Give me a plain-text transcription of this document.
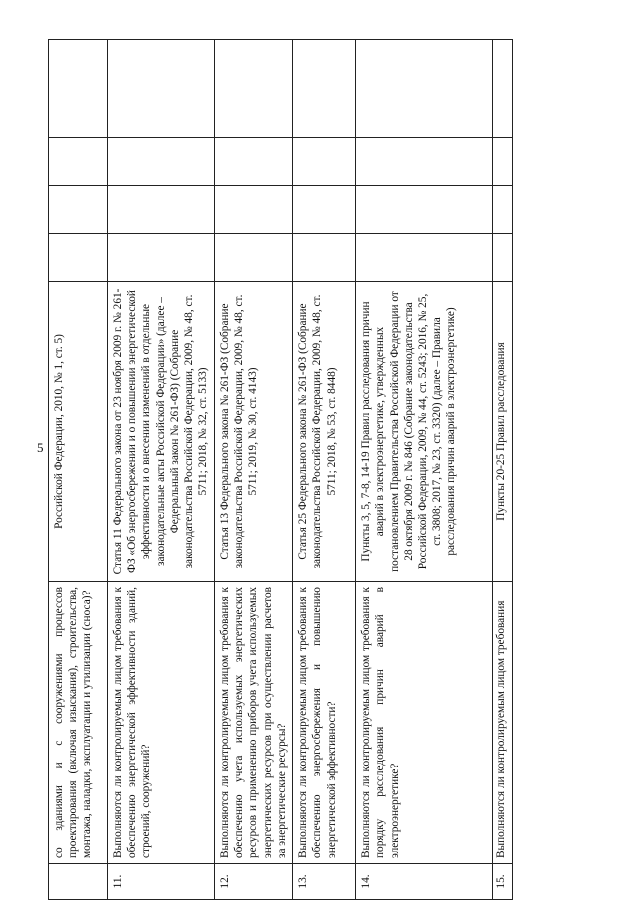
5
	со зданиями и с сооружениями процессов проектирования (включая изыскания), строительства, монтажа, наладки, эксплуатации и утилизации (сноса)?	Российской Федерации, 2010, № 1, ст. 5)				
11.	Выполняются ли контролируемым лицом требования к обеспечению энергетической эффективности зданий, строений, сооружений?	Статья 11 Федерального закона от 23 ноября 2009 г. № 261-ФЗ «Об энергосбережении и о повышении энергетической эффективности и о внесении изменений в отдельные законодательные акты Российской Федерации» (далее – Федеральный закон № 261-ФЗ) (Собрание законодательства Российской Федерации, 2009, № 48, ст. 5711; 2018, № 32, ст. 5133)				
12.	Выполняются ли контролируемым лицом требования к обеспечению учета используемых энергетических ресурсов и применению приборов учета используемых энергетических ресурсов при осуществлении расчетов за энергетические ресурсы?	Статья 13 Федерального закона № 261-ФЗ (Собрание законодательства Российской Федерации, 2009, № 48, ст. 5711; 2019, № 30, ст. 4143)				
13.	Выполняются ли контролируемым лицом требования к обеспечению энергосбережения и повышению энергетической эффективности?	Статья 25 Федерального закона № 261-ФЗ (Собрание законодательства Российской Федерации, 2009, № 48, ст. 5711; 2018, № 53, ст. 8448)				
14.	Выполняются ли контролируемым лицом требования к порядку расследования причин аварий в электроэнергетике?	Пункты 3, 5, 7-8, 14-19 Правил расследования причин аварий в электроэнергетике, утвержденных постановлением Правительства Российской Федерации от 28 октября 2009 г. № 846 (Собрание законодательства Российской Федерации, 2009, № 44, ст. 5243; 2016, № 25, ст. 3808; 2017, № 23, ст. 3320) (далее – Правила расследования причин аварий в электроэнергетике)				
15.	Выполняются ли контролируемым лицом требования	Пункты 20-25 Правил расследования				
